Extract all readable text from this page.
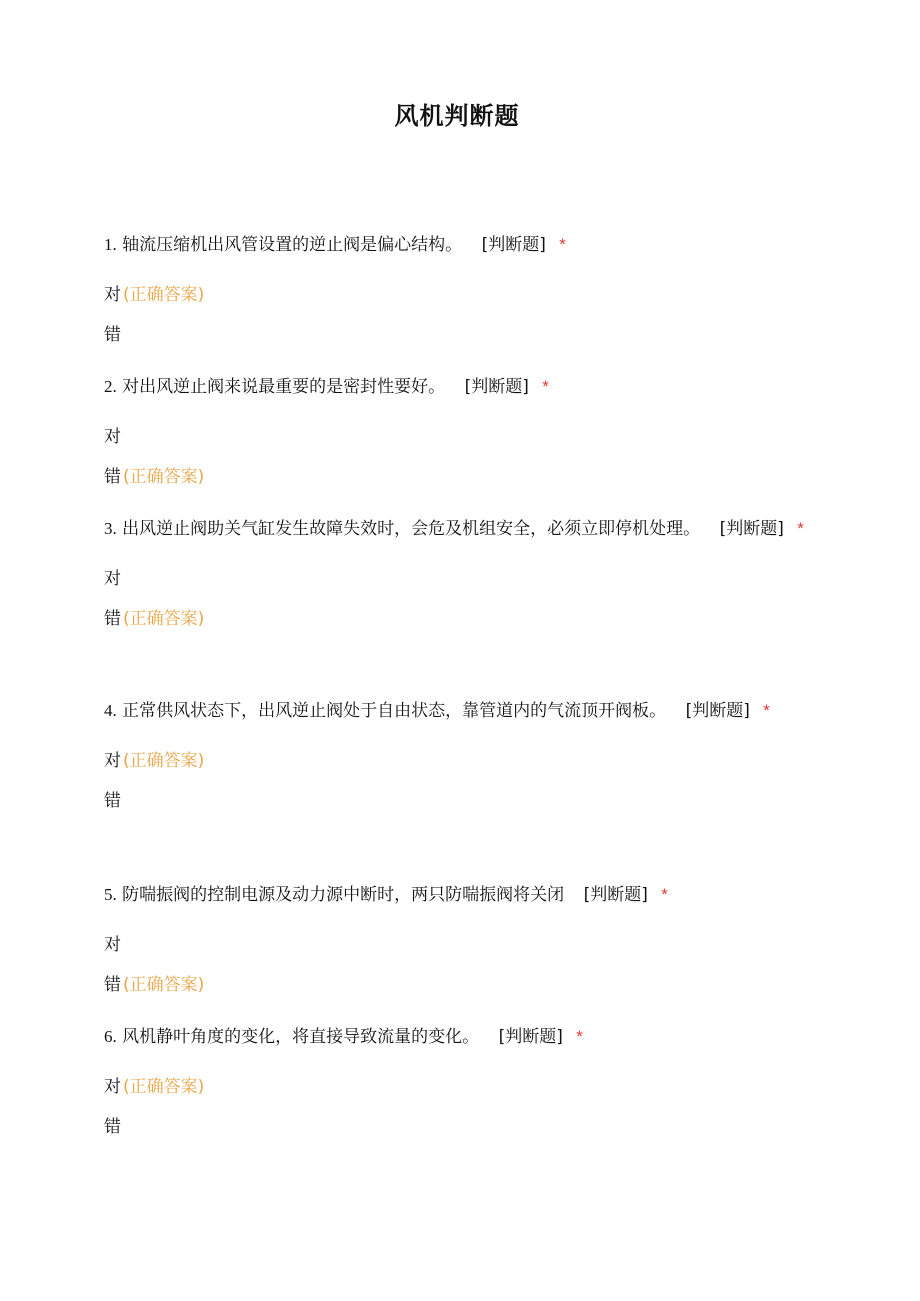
风机判断题

1. 轴流压缩机出风管设置的逆止阀是偏心结构。 [判断题] *

对 (正确答案)
错

2. 对出风逆止阀来说最重要的是密封性要好。 [判断题] *

对
错 (正确答案)

3. 出风逆止阀助关气缸发生故障失效时，会危及机组安全，必须立即停机处理。 [判断题] *

对
错 (正确答案)

4. 正常供风状态下，出风逆止阀处于自由状态，靠管道内的气流顶开阀板。 [判断题] *

对 (正确答案)
错

5. 防喘振阀的控制电源及动力源中断时，两只防喘振阀将关闭 [判断题] *

对
错 (正确答案)

6. 风机静叶角度的变化，将直接导致流量的变化。 [判断题] *

对 (正确答案)
错
